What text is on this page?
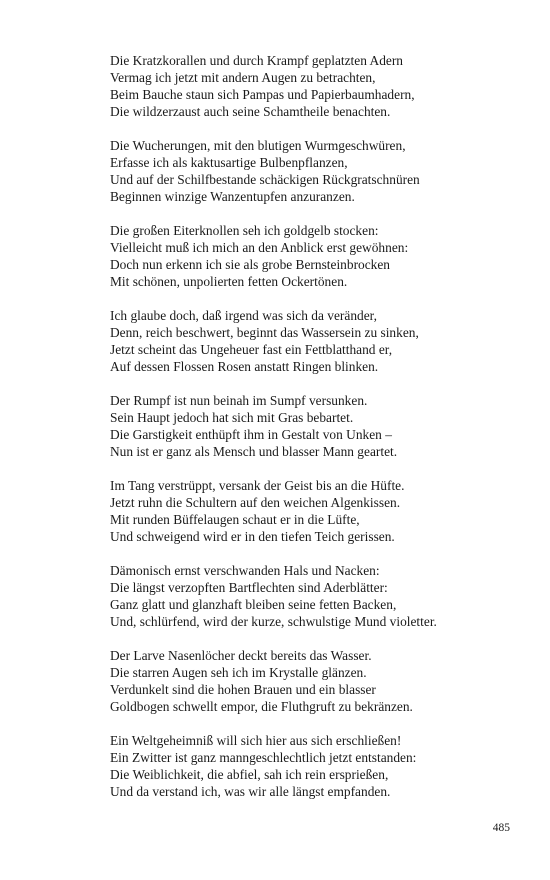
Die Kratzkorallen und durch Krampf geplatzten Adern
Vermag ich jetzt mit andern Augen zu betrachten,
Beim Bauche staun sich Pampas und Papierbaumhadern,
Die wildzerzaust auch seine Schamtheile benachten.
Die Wucherungen, mit den blutigen Wurmgeschwüren,
Erfasse ich als kaktusartige Bulbenpflanzen,
Und auf der Schilfbestande schäckigen Rückgratschnüren
Beginnen winzige Wanzentupfen anzuranzen.
Die großen Eiterknollen seh ich goldgelb stocken:
Vielleicht muß ich mich an den Anblick erst gewöhnen:
Doch nun erkenn ich sie als grobe Bernsteinbrocken
Mit schönen, unpolierten fetten Ockertönen.
Ich glaube doch, daß irgend was sich da veränder,
Denn, reich beschwert, beginnt das Wassersein zu sinken,
Jetzt scheint das Ungeheuer fast ein Fettblatthand er,
Auf dessen Flossen Rosen anstatt Ringen blinken.
Der Rumpf ist nun beinah im Sumpf versunken.
Sein Haupt jedoch hat sich mit Gras bebartet.
Die Garstigkeit enthüpft ihm in Gestalt von Unken –
Nun ist er ganz als Mensch und blasser Mann geartet.
Im Tang verstrüppt, versank der Geist bis an die Hüfte.
Jetzt ruhn die Schultern auf den weichen Algenkissen.
Mit runden Büffelaugen schaut er in die Lüfte,
Und schweigend wird er in den tiefen Teich gerissen.
Dämonisch ernst verschwanden Hals und Nacken:
Die längst verzopften Bartflechten sind Aderblätter:
Ganz glatt und glanzhaft bleiben seine fetten Backen,
Und, schlürfend, wird der kurze, schwulstige Mund violetter.
Der Larve Nasenlöcher deckt bereits das Wasser.
Die starren Augen seh ich im Krystalle glänzen.
Verdunkelt sind die hohen Brauen und ein blasser
Goldbogen schwellt empor, die Fluthgruft zu bekränzen.
Ein Weltgeheimniß will sich hier aus sich erschließen!
Ein Zwitter ist ganz manngeschlechtlich jetzt entstanden:
Die Weiblichkeit, die abfiel, sah ich rein ersprießen,
Und da verstand ich, was wir alle längst empfanden.
485
